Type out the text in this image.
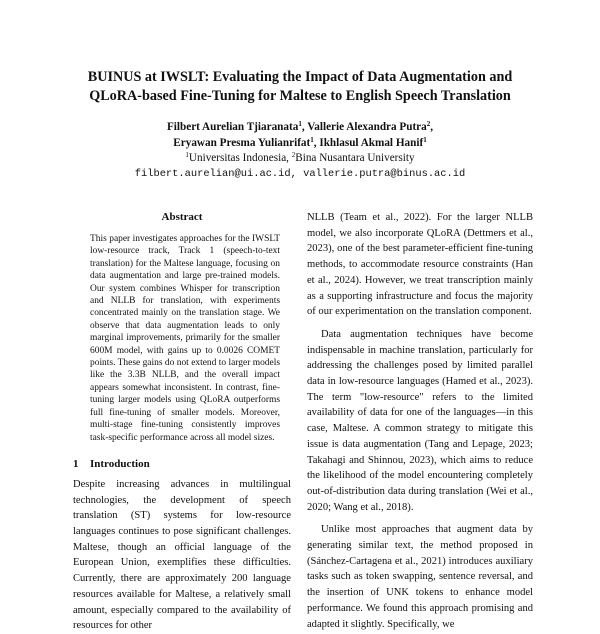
BUINUS at IWSLT: Evaluating the Impact of Data Augmentation and
QLoRA-based Fine-Tuning for Maltese to English Speech Translation
Filbert Aurelian Tjiaranata$^1$, Vallerie Alexandra Putra$^2$,
Eryawan Presma Yulianrifat$^1$, Ikhlasul Akmal Hanif$^1$
$^1$Universitas Indonesia, $^2$Bina Nusantara University
filbert.aurelian@ui.ac.id, vallerie.putra@binus.ac.id
Abstract

This paper investigates approaches for the IWSLT low-resource track, Track 1 (speech-to-text translation) for the Maltese language, focusing on data augmentation and large pre-trained models. Our system combines Whisper for transcription and NLLB for translation, with experiments concentrated mainly on the translation stage. We observe that data augmentation leads to only marginal improvements, primarily for the smaller 600M model, with gains up to 0.0026 COMET points. These gains do not extend to larger models like the 3.3B NLLB, and the overall impact appears somewhat inconsistent. In contrast, fine-tuning larger models using QLoRA outperforms full fine-tuning of smaller models. Moreover, multi-stage fine-tuning consistently improves task-specific performance across all model sizes.

1 Introduction

Despite increasing advances in multilingual technologies, the development of speech translation (ST) systems for low-resource languages continues to pose significant challenges. Maltese, though an official language of the European Union, exemplifies these difficulties. Currently, there are approximately 200 language resources available for Maltese, a relatively small amount, especially compared to the availability of resources for other

NLLB (Team et al., 2022). For the larger NLLB model, we also incorporate QLoRA (Dettmers et al., 2023), one of the best parameter-efficient fine-tuning methods, to accommodate resource constraints (Han et al., 2024). However, we treat transcription mainly as a supporting infrastructure and focus the majority of our experimentation on the translation component.

Data augmentation techniques have become indispensable in machine translation, particularly for addressing the challenges posed by limited parallel data in low-resource languages (Hamed et al., 2023). The term "low-resource" refers to the limited availability of data for one of the languages—in this case, Maltese. A common strategy to mitigate this issue is data augmentation (Tang and Lepage, 2023; Takahagi and Shinnou, 2023), which aims to reduce the likelihood of the model encountering completely out-of-distribution data during translation (Wei et al., 2020; Wang et al., 2018).

Unlike most approaches that augment data by generating similar text, the method proposed in (Sánchez-Cartagena et al., 2021) introduces auxiliary tasks such as token swapping, sentence reversal, and the insertion of UNK tokens to enhance model performance. We found this approach promising and adapted it slightly. Specifically, we
